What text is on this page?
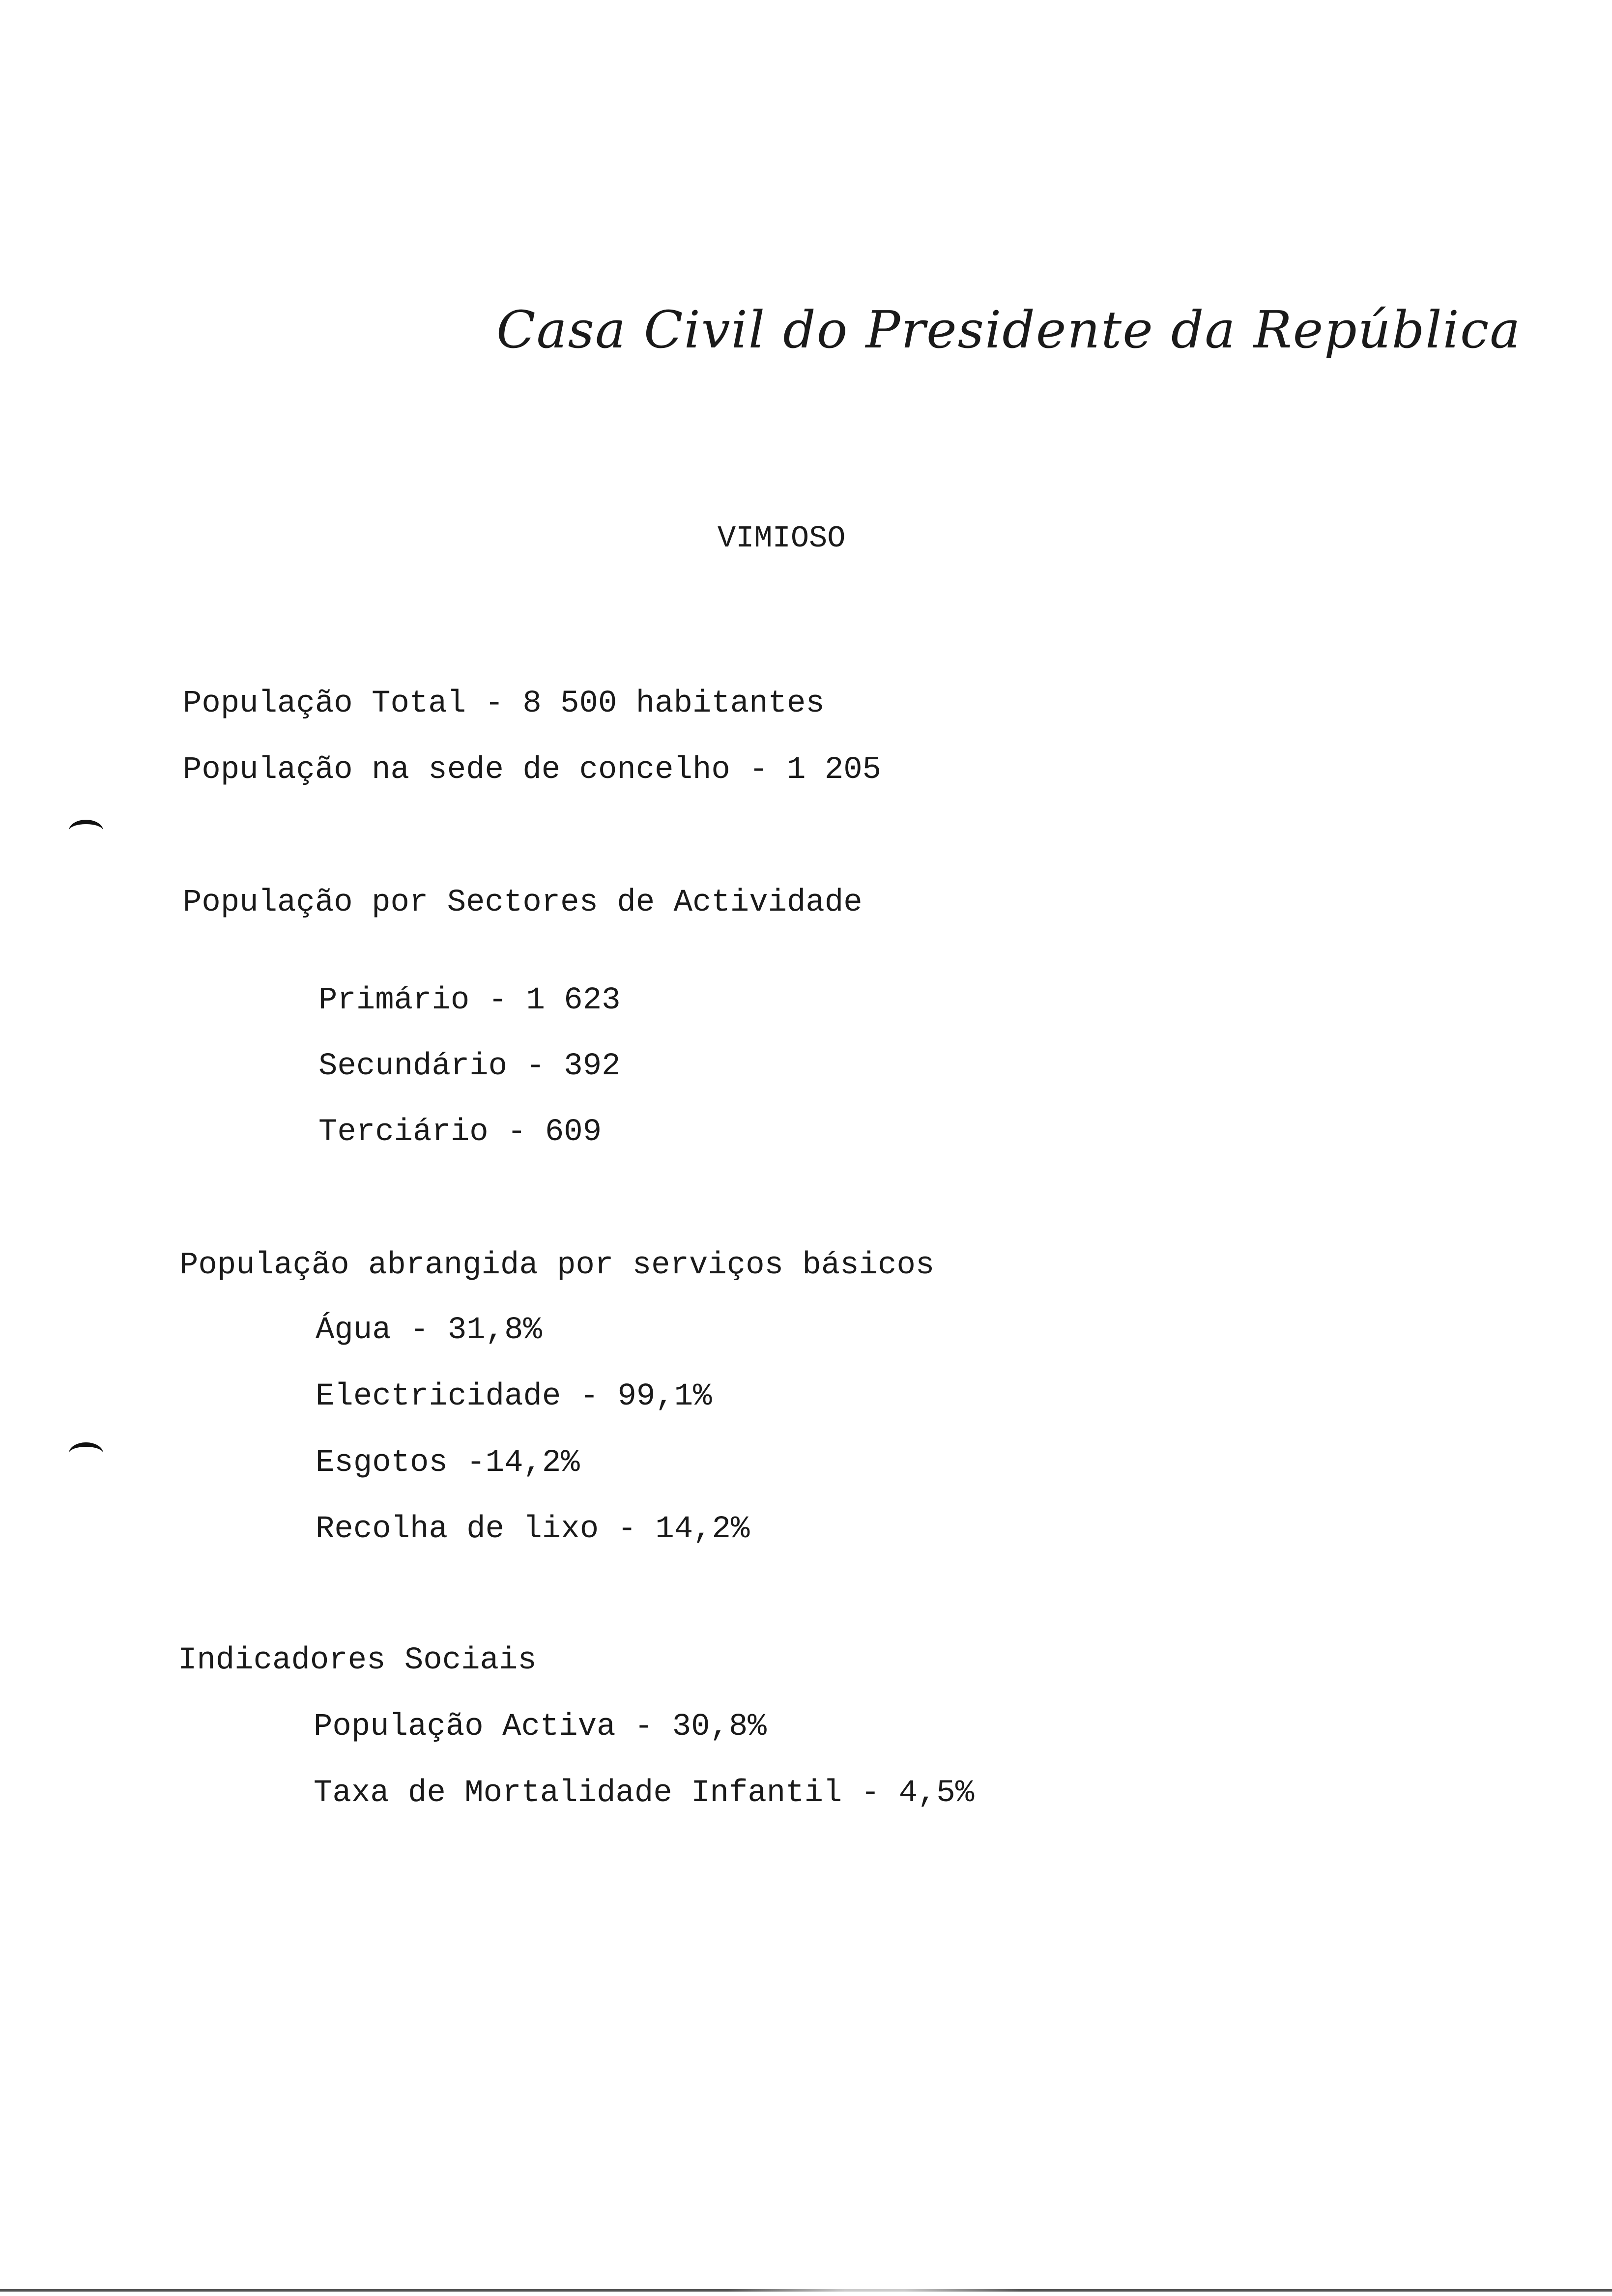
Casa Civil do Presidente da República
VIMIOSO
População Total - 8 500 habitantes
População na sede de concelho - 1 205
População por Sectores de Actividade
Primário - 1 623
Secundário - 392
Terciário - 609
População abrangida por serviços básicos
Água - 31,8%
Electricidade - 99,1%
Esgotos -14,2%
Recolha de lixo - 14,2%
Indicadores Sociais
População Activa - 30,8%
Taxa de Mortalidade Infantil - 4,5%
